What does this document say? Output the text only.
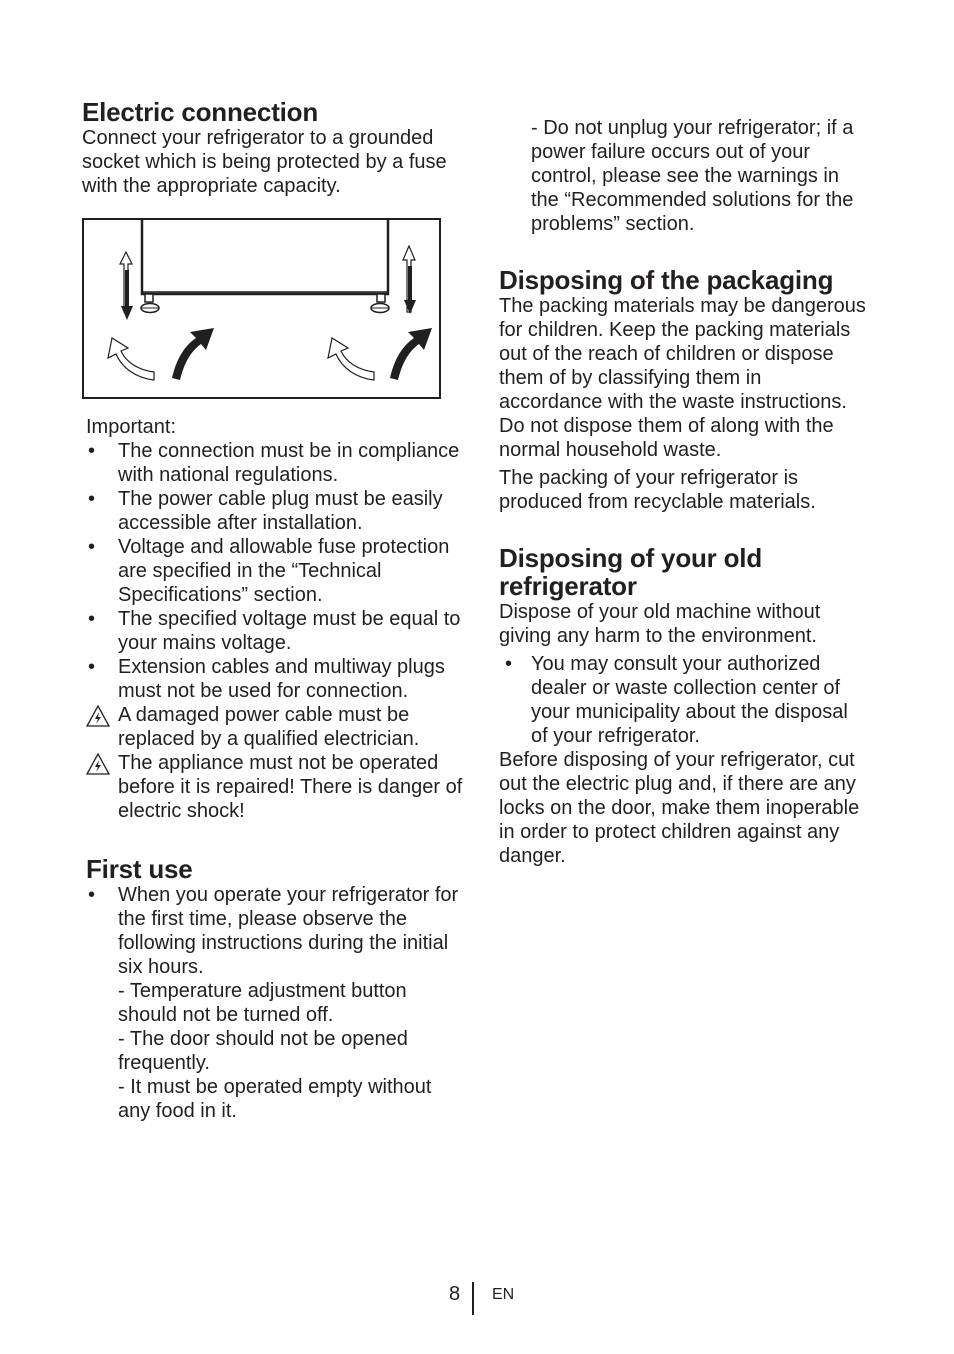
Electric connection

Connect your refrigerator to a grounded socket which is being protected by a fuse with the appropriate capacity.

Important:

• The connection must be in compliance with national regulations.
• The power cable plug must be easily accessible after installation.
• Voltage and allowable fuse protection are specified in the “Technical Specifications” section.
• The specified voltage must be equal to your mains voltage.
• Extension cables and multiway plugs must not be used for connection.
A damaged power cable must be replaced by a qualified electrician.
The appliance must not be operated before it is repaired! There is danger of electric shock!
First use
• When you operate your refrigerator for the first time, please observe the following instructions during the initial six hours.
- Temperature adjustment button should not be turned off.
- The door should not be opened frequently.
- It must be operated empty without any food in it.

- Do not unplug your refrigerator; if a power failure occurs out of your control, please see the warnings in the “Recommended solutions for the problems” section.

Disposing of the packaging

The packing materials may be dangerous for children. Keep the packing materials out of the reach of children or dispose them of by classifying them in accordance with the waste instructions. Do not dispose them of along with the normal household waste.

The packing of your refrigerator is produced from recyclable materials.

Disposing of your old refrigerator

Dispose of your old machine without giving any harm to the environment.

• You may consult your authorized dealer or waste collection center of your municipality about the disposal of your refrigerator.

Before disposing of your refrigerator, cut out the electric plug and, if there are any locks on the door, make them inoperable in order to protect children against any danger.

8 EN
